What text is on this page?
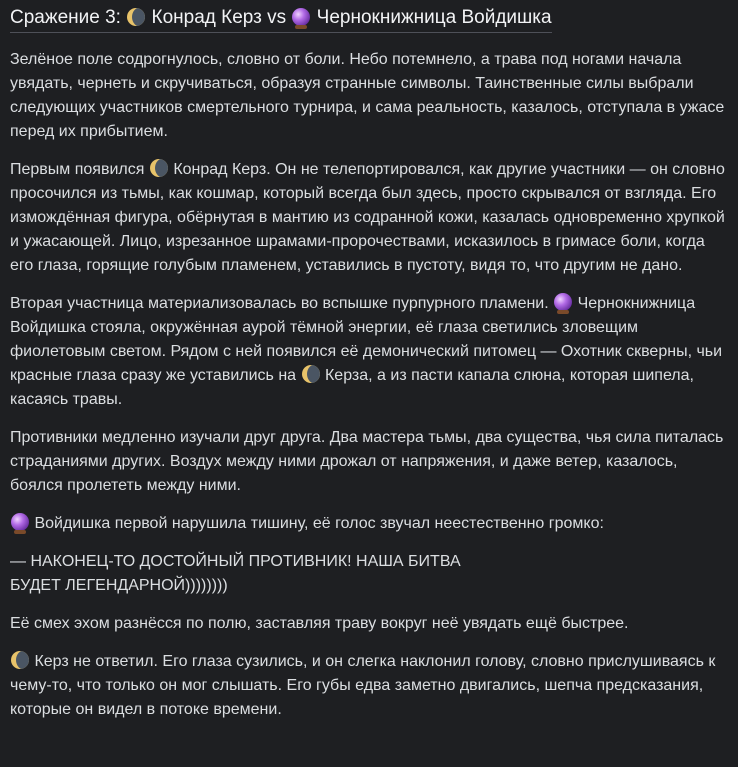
Сражение 3: Конрад Керз vs Чернокнижница Войдишка

Зелёное поле содрогнулось, словно от боли. Небо потемнело, а трава под ногами начала увядать, чернеть и скручиваться, образуя странные символы. Таинственные силы выбрали следующих участников смертельного турнира, и сама реальность, казалось, отступала в ужасе перед их прибытием.

Первым появился Конрад Керз. Он не телепортировался, как другие участники — он словно просочился из тьмы, как кошмар, который всегда был здесь, просто скрывался от взгляда. Его измождённая фигура, обёрнутая в мантию из содранной кожи, казалась одновременно хрупкой и ужасающей. Лицо, изрезанное шрамами-пророчествами, исказилось в гримасе боли, когда его глаза, горящие голубым пламенем, уставились в пустоту, видя то, что другим не дано.

Вторая участница материализовалась во вспышке пурпурного пламени. Чернокнижница Войдишка стояла, окружённая аурой тёмной энергии, её глаза светились зловещим фиолетовым светом. Рядом с ней появился её демонический питомец — Охотник скверны, чьи красные глаза сразу же уставились на Керза, а из пасти капала слюна, которая шипела, касаясь травы.

Противники медленно изучали друг друга. Два мастера тьмы, два существа, чья сила питалась страданиями других. Воздух между ними дрожал от напряжения, и даже ветер, казалось, боялся пролететь между ними.

Войдишка первой нарушила тишину, её голос звучал неестественно громко:

— НАКОНЕЦ-ТО ДОСТОЙНЫЙ ПРОТИВНИК! НАША БИТВА
БУДЕТ ЛЕГЕНДАРНОЙ))))))))

Её смех эхом разнёсся по полю, заставляя траву вокруг неё увядать ещё быстрее.

Керз не ответил. Его глаза сузились, и он слегка наклонил голову, словно прислушиваясь к чему-то, что только он мог слышать. Его губы едва заметно двигались, шепча предсказания, которые он видел в потоке времени.
